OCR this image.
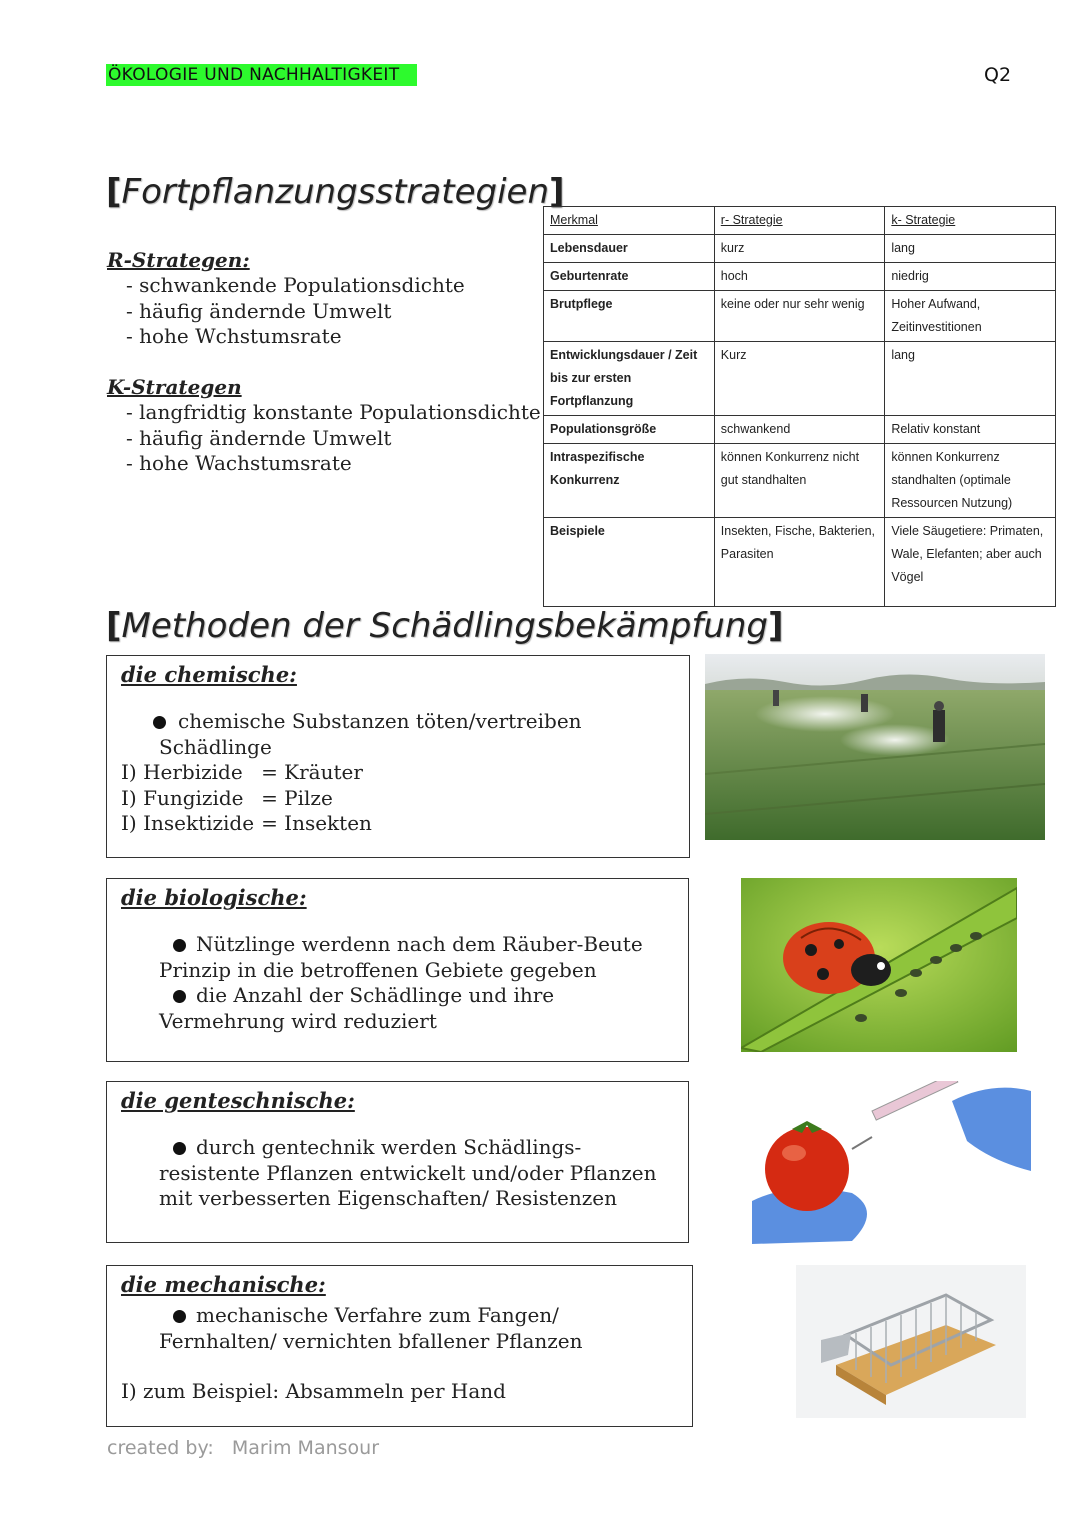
ÖKOLOGIE UND NACHHALTIGKEIT	Q2
[Fortpflanzungsstrategien]
R-Strategen:
- schwankende Populationsdichte
- häufig ändernde Umwelt
- hohe Wchstumsrate
K-Strategen
- langfridtig konstante Populationsdichte
- häufig ändernde Umwelt
- hohe Wachstumsrate
Merkmal	r- Strategie	k- Strategie
Lebensdauer	kurz	lang
Geburtenrate	hoch	niedrig
Brutpflege	keine oder nur sehr wenig	Hoher Aufwand, Zeitinvestitionen
Entwicklungsdauer / Zeit bis zur ersten Fortpflanzung	Kurz	lang
Populationsgröße	schwankend	Relativ konstant
Intraspezifische Konkurrenz	können Konkurrenz nicht gut standhalten	können Konkurrenz standhalten (optimale Ressourcen Nutzung)
Beispiele	Insekten, Fische, Bakterien, Parasiten	Viele Säugetiere: Primaten, Wale, Elefanten; aber auch Vögel
[Methoden der Schädlingsbekämpfung]
die chemische:
chemische Substanzen töten/vertreiben
Schädlinge
I) Herbizide = Kräuter
I) Fungizide = Pilze
I) Insektizide = Insekten
die biologische:
Nützlinge werdenn nach dem Räuber-Beute
Prinzip in die betroffenen Gebiete gegeben
die Anzahl der Schädlinge und ihre
Vermehrung wird reduziert
die genteschnische:
durch gentechnik werden Schädlings-
resistente Pflanzen entwickelt und/oder Pflanzen
mit verbesserten Eigenschaften/ Resistenzen
die mechanische:
mechanische Verfahre zum Fangen/
Fernhalten/ vernichten bfallener Pflanzen
I) zum Beispiel: Absammeln per Hand
created by: Marim Mansour
